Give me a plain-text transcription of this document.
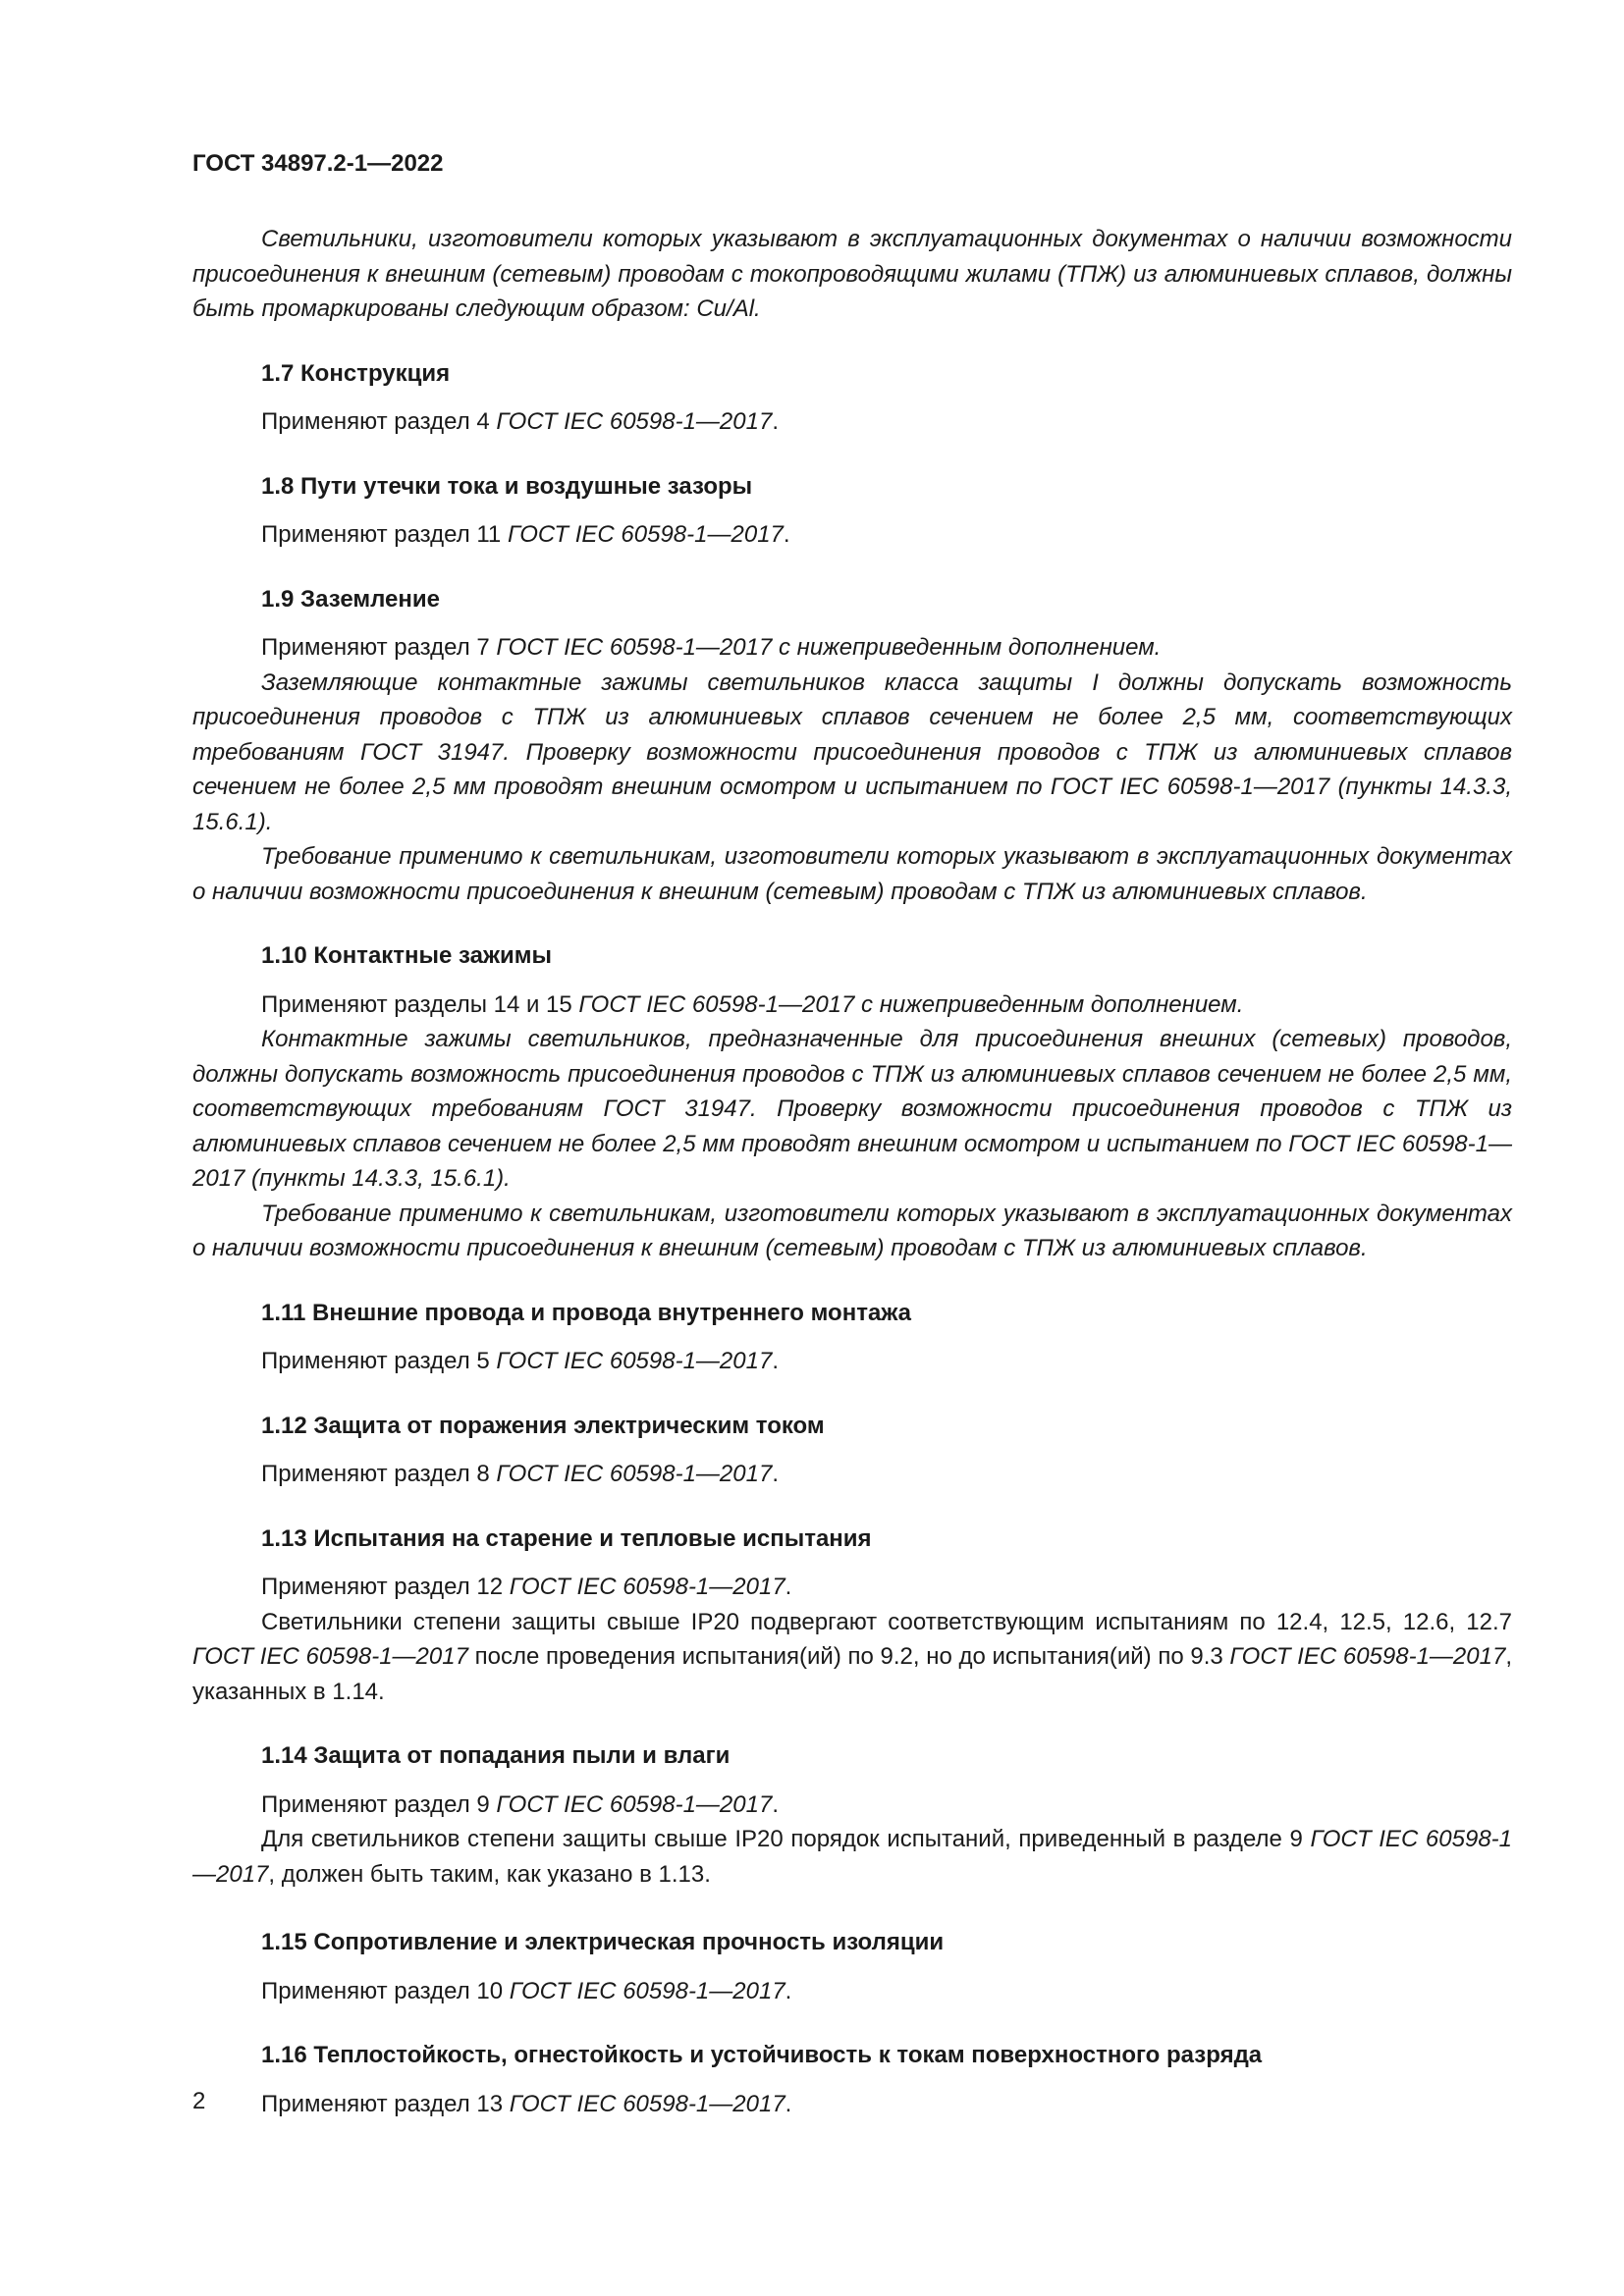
ГОСТ 34897.2-1—2022

Светильники, изготовители которых указывают в эксплуатационных документах о наличии возможности присоединения к внешним (сетевым) проводам с токопроводящими жилами (ТПЖ) из алюминиевых сплавов, должны быть промаркированы следующим образом: Cu/Al.

1.7 Конструкция

Применяют раздел 4 ГОСТ IEC 60598-1—2017.

1.8 Пути утечки тока и воздушные зазоры

Применяют раздел 11 ГОСТ IEC 60598-1—2017.

1.9 Заземление

Применяют раздел 7 ГОСТ IEC 60598-1—2017 с нижеприведенным дополнением.

Заземляющие контактные зажимы светильников класса защиты I должны допускать возможность присоединения проводов с ТПЖ из алюминиевых сплавов сечением не более 2,5 мм, соответствующих требованиям ГОСТ 31947. Проверку возможности присоединения проводов с ТПЖ из алюминиевых сплавов сечением не более 2,5 мм проводят внешним осмотром и испытанием по ГОСТ IEC 60598-1—2017 (пункты 14.3.3, 15.6.1).

Требование применимо к светильникам, изготовители которых указывают в эксплуатационных документах о наличии возможности присоединения к внешним (сетевым) проводам с ТПЖ из алюминиевых сплавов.

1.10 Контактные зажимы

Применяют разделы 14 и 15 ГОСТ IEC 60598-1—2017 с нижеприведенным дополнением.

Контактные зажимы светильников, предназначенные для присоединения внешних (сетевых) проводов, должны допускать возможность присоединения проводов с ТПЖ из алюминиевых сплавов сечением не более 2,5 мм, соответствующих требованиям ГОСТ 31947. Проверку возможности присоединения проводов с ТПЖ из алюминиевых сплавов сечением не более 2,5 мм проводят внешним осмотром и испытанием по ГОСТ IEC 60598-1—2017 (пункты 14.3.3, 15.6.1).

Требование применимо к светильникам, изготовители которых указывают в эксплуатационных документах о наличии возможности присоединения к внешним (сетевым) проводам с ТПЖ из алюминиевых сплавов.

1.11 Внешние провода и провода внутреннего монтажа

Применяют раздел 5 ГОСТ IEC 60598-1—2017.

1.12 Защита от поражения электрическим током

Применяют раздел 8 ГОСТ IEC 60598-1—2017.

1.13 Испытания на старение и тепловые испытания

Применяют раздел 12 ГОСТ IEC 60598-1—2017.

Светильники степени защиты свыше IP20 подвергают соответствующим испытаниям по 12.4, 12.5, 12.6, 12.7 ГОСТ IEC 60598-1—2017 после проведения испытания(ий) по 9.2, но до испытания(ий) по 9.3 ГОСТ IEC 60598-1—2017, указанных в 1.14.

1.14 Защита от попадания пыли и влаги

Применяют раздел 9 ГОСТ IEC 60598-1—2017.

Для светильников степени защиты свыше IP20 порядок испытаний, приведенный в разделе 9 ГОСТ IEC 60598-1—2017, должен быть таким, как указано в 1.13.

1.15 Сопротивление и электрическая прочность изоляции

Применяют раздел 10 ГОСТ IEC 60598-1—2017.

1.16 Теплостойкость, огнестойкость и устойчивость к токам поверхностного разряда

Применяют раздел 13 ГОСТ IEC 60598-1—2017.

2
